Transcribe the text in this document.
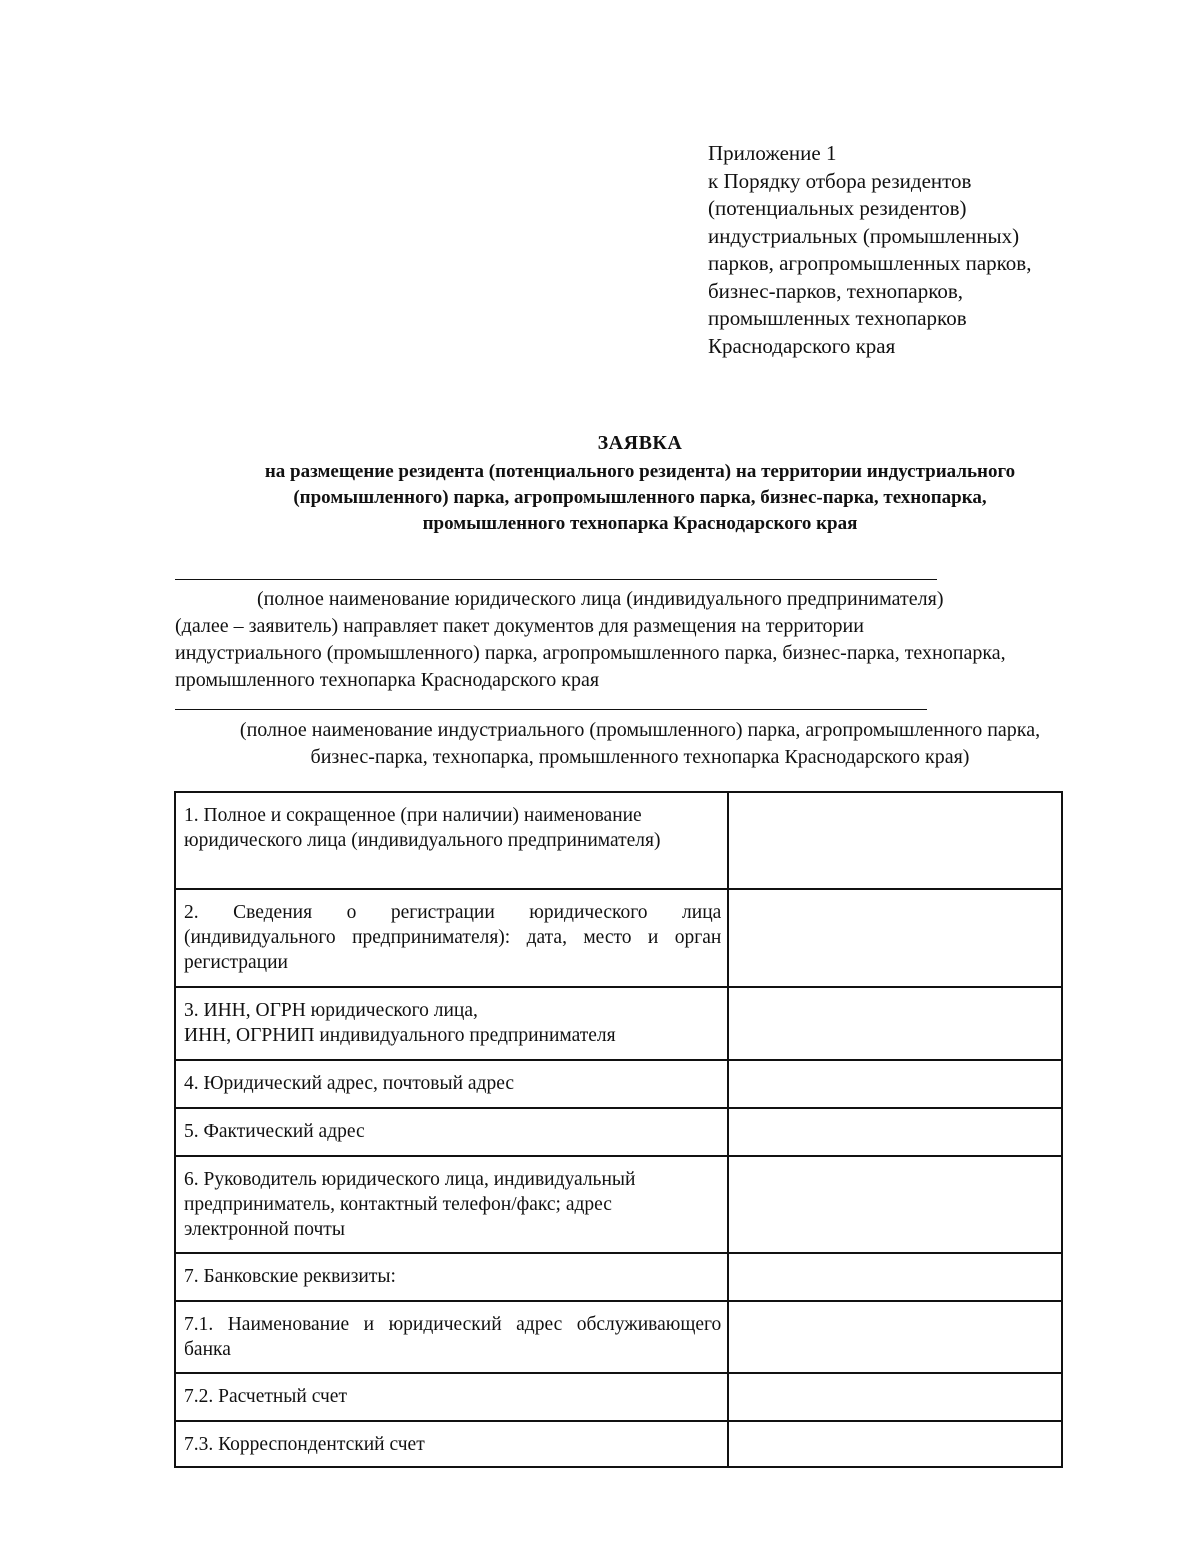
Приложение 1
к Порядку отбора резидентов
(потенциальных резидентов)
индустриальных (промышленных)
парков, агропромышленных парков,
бизнес-парков, технопарков,
промышленных технопарков
Краснодарского края
ЗАЯВКА
на размещение резидента (потенциального резидента) на территории индустриального
(промышленного) парка, агропромышленного парка, бизнес-парка, технопарка,
промышленного технопарка Краснодарского края
(полное наименование юридического лица (индивидуального предпринимателя)
(далее – заявитель) направляет пакет документов для размещения на территории
индустриального (промышленного) парка, агропромышленного парка, бизнес-парка, технопарка,
промышленного технопарка Краснодарского края
(полное наименование индустриального (промышленного) парка, агропромышленного парка,
бизнес-парка, технопарка, промышленного технопарка Краснодарского края)
1. Полное и сокращенное (при наличии) наименование юридического лица (индивидуального предпринимателя)	
2. Сведения о регистрации юридического лица (индивидуального предпринимателя): дата, место и орган регистрации	

3. ИНН, ОГРН юридического лица,
ИНН, ОГРНИП индивидуального предпринимателя	

4. Юридический адрес, почтовый адрес	
5. Фактический адрес	
6. Руководитель юридического лица, индивидуальный предприниматель, контактный телефон/факс; адрес электронной почты	
7. Банковские реквизиты:	
7.1. Наименование и юридический адрес обслуживающего банка	
7.2. Расчетный счет	
7.3. Корреспондентский счет	
